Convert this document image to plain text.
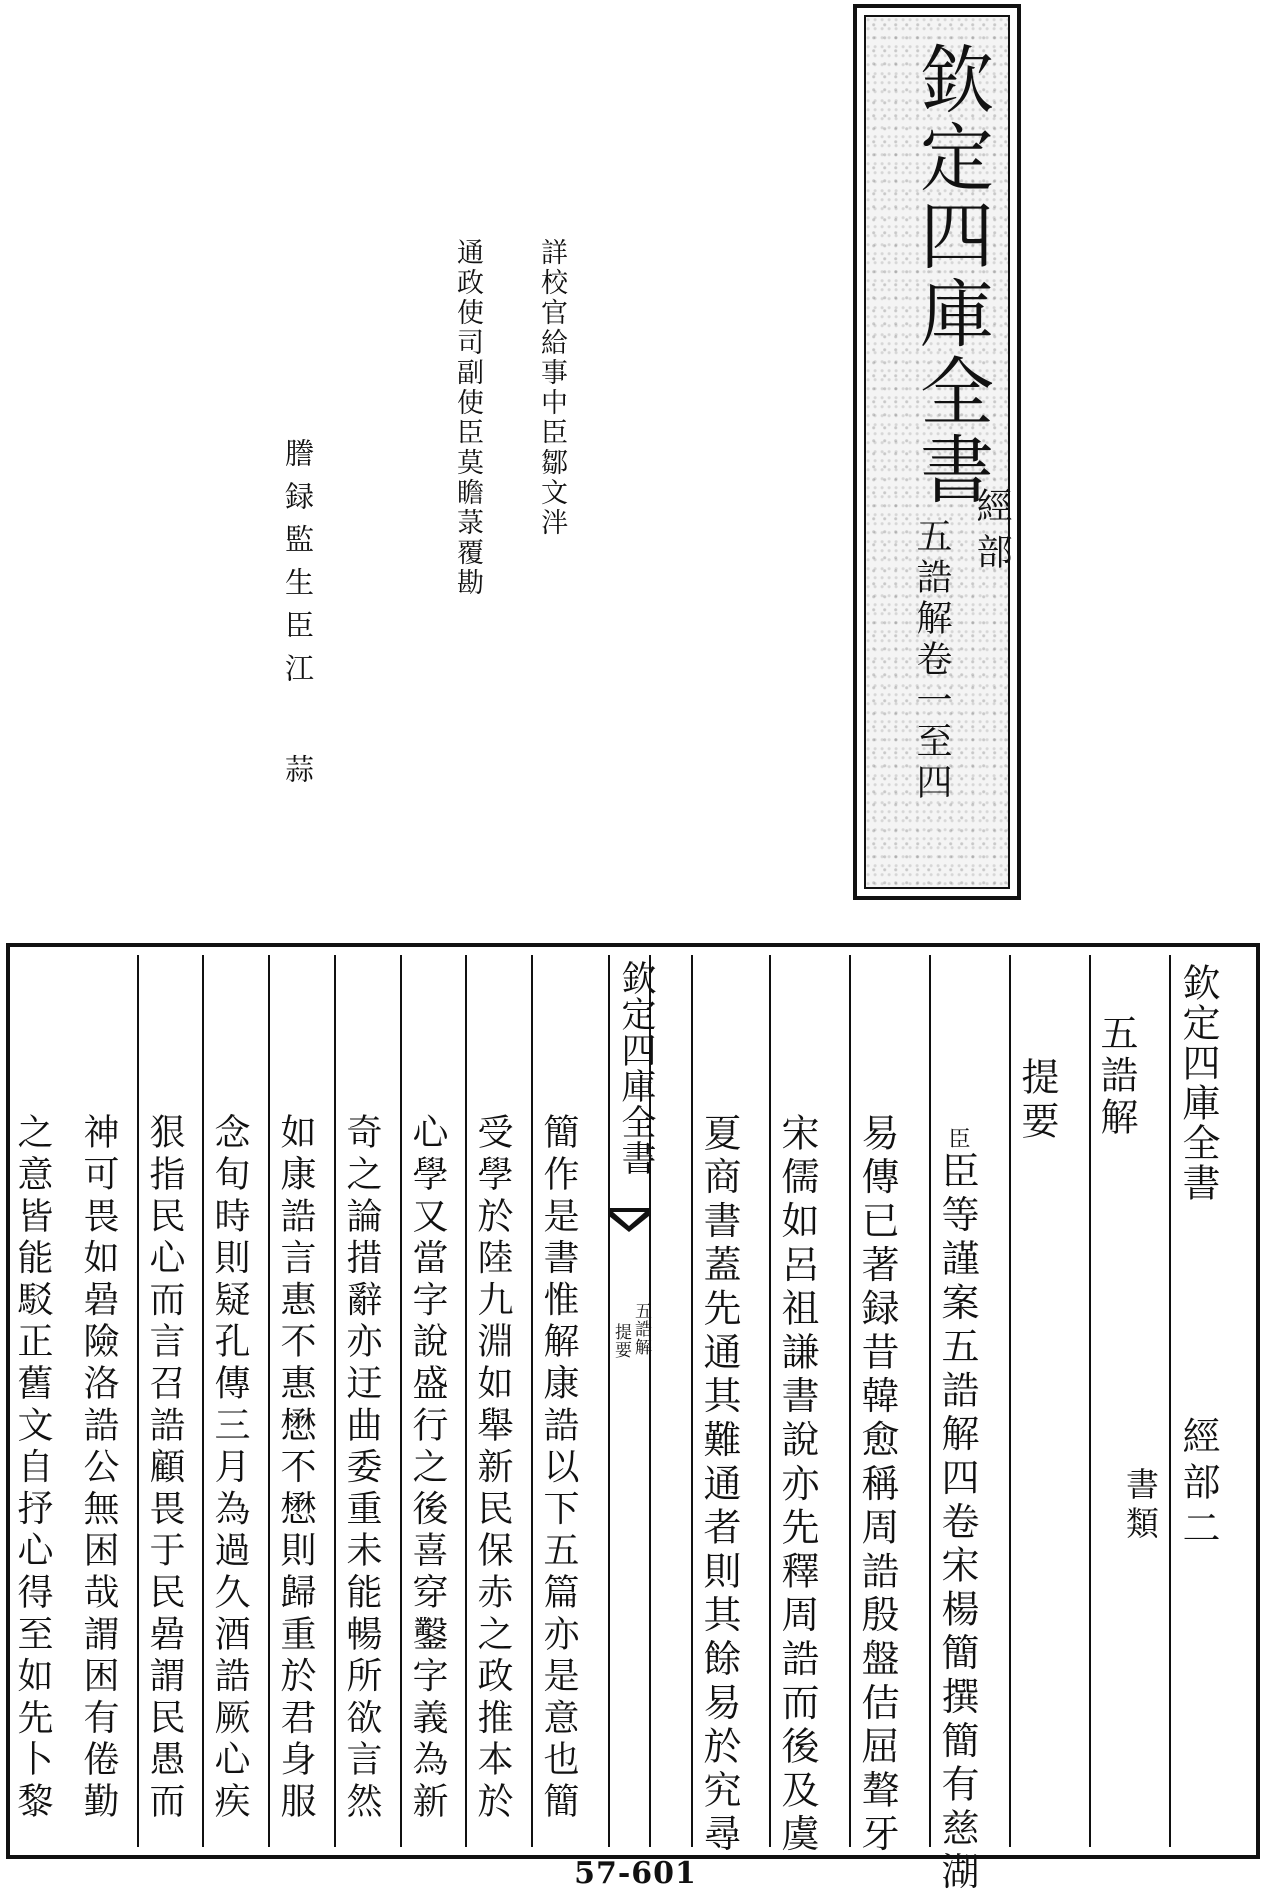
欽定四庫全書
經部
五誥解卷一至四
詳校官給事中臣鄒文泮
通政使司副使臣莫瞻菉覆勘
謄録監生臣江蒜
欽定四庫全書
經部二
五誥解
書類
提要
臣臣等謹案五誥解四卷宋楊簡撰簡有慈湖
易傳已著録昔韓愈稱周誥殷盤佶屈聱牙
宋儒如呂祖謙書說亦先釋周誥而後及虞
夏商書蓋先通其難通者則其餘易於究尋
欽定四庫全書
五誥解
提要
簡作是書惟解康誥以下五篇亦是意也簡
受學於陸九淵如舉新民保赤之政推本於
心學又當字說盛行之後喜穿鑿字義為新
奇之論措辭亦迂曲委重未能暢所欲言然
如康誥言惠不惠懋不懋則歸重於君身服
念旬時則疑孔傳三月為過久酒誥厥心疾
狠指民心而言召誥顧畏于民碞謂民愚而
57-601
神可畏如碞險洛誥公無困哉謂困有倦勤
之意皆能駁正舊文自抒心得至如先卜黎
